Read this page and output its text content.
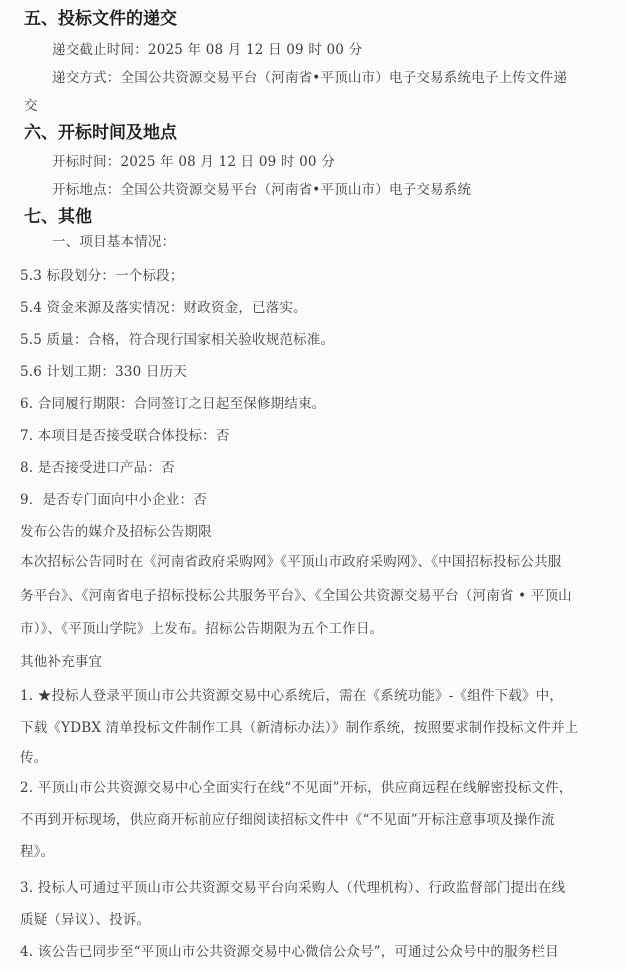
五、投标文件的递交
递交截止时间：2025 年 08 月 12 日 09 时 00 分
递交方式：全国公共资源交易平台（河南省•平顶山市）电子交易系统电子上传文件递
交
六、开标时间及地点
开标时间：2025 年 08 月 12 日 09 时 00 分
开标地点：全国公共资源交易平台（河南省•平顶山市）电子交易系统
七、其他
一、项目基本情况：
5.3 标段划分：一个标段；
5.4 资金来源及落实情况：财政资金，已落实。
5.5 质量：合格，符合现行国家相关验收规范标准。
5.6 计划工期：330 日历天
6. 合同履行期限：合同签订之日起至保修期结束。
7. 本项目是否接受联合体投标：否
8. 是否接受进口产品：否
9．是否专门面向中小企业：否
发布公告的媒介及招标公告期限
本次招标公告同时在《河南省政府采购网》《平顶山市政府采购网》、《中国招标投标公共服
务平台》、《河南省电子招标投标公共服务平台》、《全国公共资源交易平台（河南省 • 平顶山
市）》、《平顶山学院》上发布。招标公告期限为五个工作日。
其他补充事宜
1. ★投标人登录平顶山市公共资源交易中心系统后，需在《系统功能》-《组件下载》中，
下载《YDBX 清单投标文件制作工具（新清标办法）》制作系统，按照要求制作投标文件并上
传。
2. 平顶山市公共资源交易中心全面实行在线“不见面”开标，供应商远程在线解密投标文件，
不再到开标现场，供应商开标前应仔细阅读招标文件中《“不见面”开标注意事项及操作流
程》。
3. 投标人可通过平顶山市公共资源交易平台向采购人（代理机构）、行政监督部门提出在线
质疑（异议）、投诉。
4. 该公告已同步至“平顶山市公共资源交易中心微信公众号”，可通过公众号中的服务栏目
